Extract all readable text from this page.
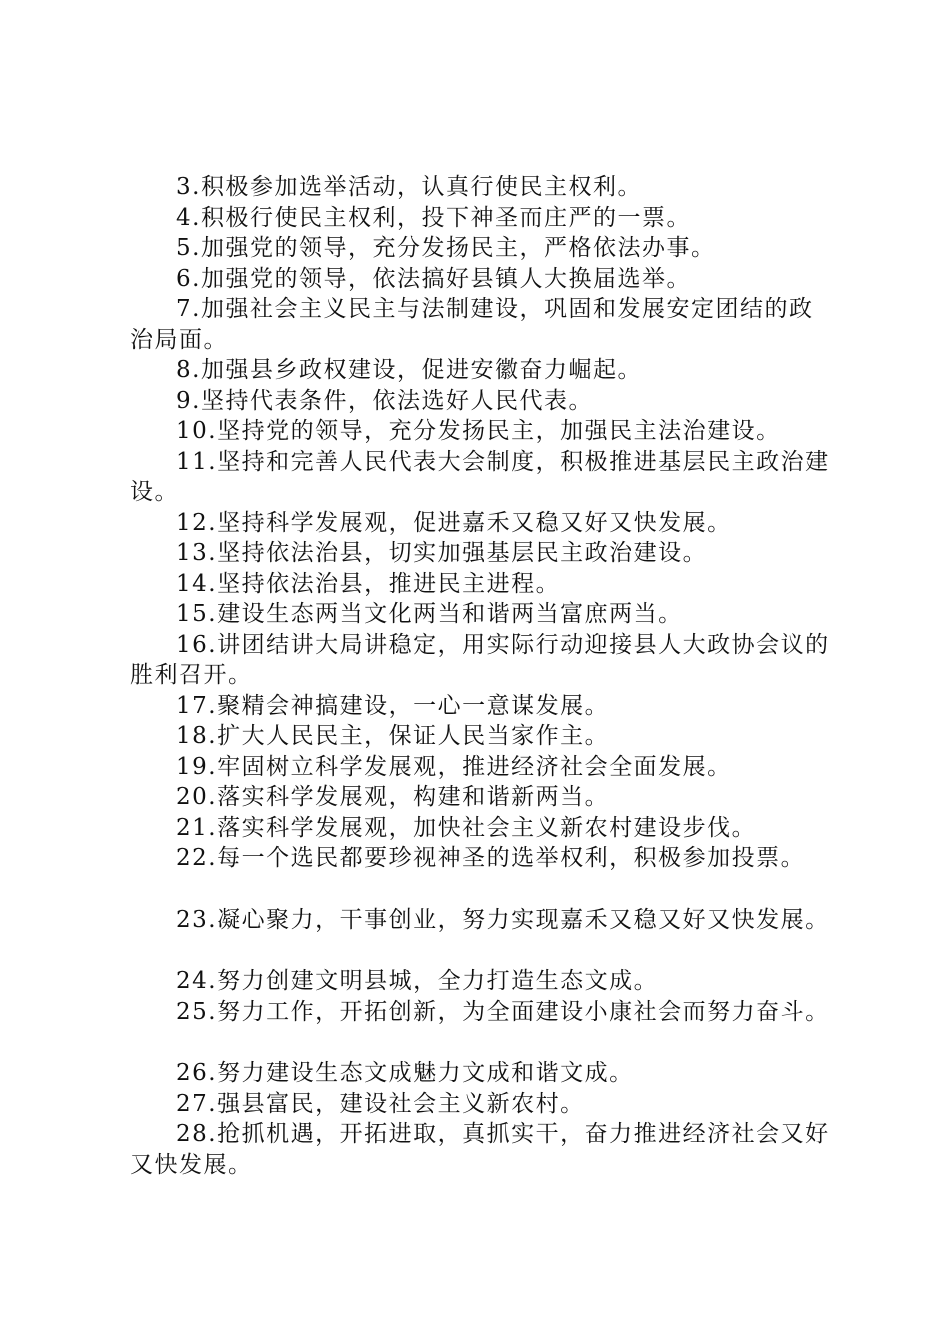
3.积极参加选举活动，认真行使民主权利。

4.积极行使民主权利，投下神圣而庄严的一票。

5.加强党的领导，充分发扬民主，严格依法办事。

6.加强党的领导，依法搞好县镇人大换届选举。

7.加强社会主义民主与法制建设，巩固和发展安定团结的政治局面。

8.加强县乡政权建设，促进安徽奋力崛起。

9.坚持代表条件，依法选好人民代表。

10.坚持党的领导，充分发扬民主，加强民主法治建设。

11.坚持和完善人民代表大会制度，积极推进基层民主政治建设。

12.坚持科学发展观，促进嘉禾又稳又好又快发展。

13.坚持依法治县，切实加强基层民主政治建设。

14.坚持依法治县，推进民主进程。

15.建设生态两当文化两当和谐两当富庶两当。

16.讲团结讲大局讲稳定，用实际行动迎接县人大政协会议的胜利召开。

17.聚精会神搞建设，一心一意谋发展。

18.扩大人民民主，保证人民当家作主。

19.牢固树立科学发展观，推进经济社会全面发展。

20.落实科学发展观，构建和谐新两当。

21.落实科学发展观，加快社会主义新农村建设步伐。

22.每一个选民都要珍视神圣的选举权利，积极参加投票。

23.凝心聚力，干事创业，努力实现嘉禾又稳又好又快发展。

24.努力创建文明县城，全力打造生态文成。

25.努力工作，开拓创新，为全面建设小康社会而努力奋斗。

26.努力建设生态文成魅力文成和谐文成。

27.强县富民，建设社会主义新农村。

28.抢抓机遇，开拓进取，真抓实干，奋力推进经济社会又好又快发展。
